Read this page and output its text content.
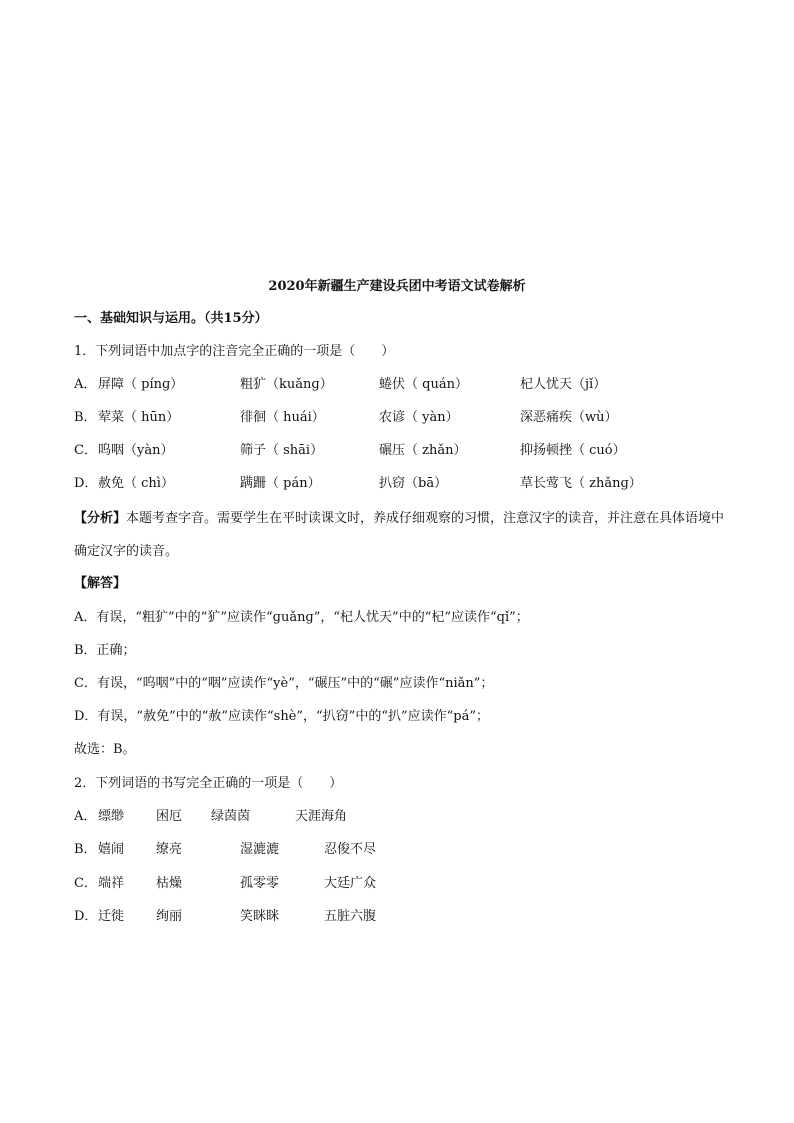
2020年新疆生产建设兵团中考语文试卷解析
一、基础知识与运用。（共15分）
1．下列词语中加点字的注音完全正确的一项是（　　）
A． 屏障（ pínɡ）	粗犷（kuǎnɡ）	蜷伏（ quán）	杞人忧天（jǐ）
B． 荤菜（ hūn）	徘徊（ huái）	农谚（ yàn）	深恶痛疾（wù）
C． 呜咽（yàn）	筛子（ shāi）	碾压（ zhǎn）	抑扬顿挫（ cuó）
D． 赦免（ chì）	蹒跚（ pán）	扒窃（bā）	草长莺飞（ zhǎnɡ）
【分析】本题考查字音。需要学生在平时读课文时，养成仔细观察的习惯，注意汉字的读音，并注意在具体语境中确定汉字的读音。
【解答】
A．有误，“粗犷”中的“犷”应读作“ɡuǎnɡ”，“杞人忧天”中的“杞”应读作“qǐ”；
B．正确；
C．有误，“呜咽”中的“咽”应读作“yè”，“碾压”中的“碾”应读作“niǎn”；
D．有误，“赦免”中的“赦”应读作“shè”，“扒窃”中的“扒”应读作“pá”；
故选：B。
2．下列词语的书写完全正确的一项是（　　）
A． 缥缈 困厄 绿茵茵	天涯海角
B． 嬉闹 缭亮	湿漉漉	忍俊不尽
C． 端祥 枯燥	孤零零	大廷广众
D． 迁徙 绚丽	笑眯眯	五脏六腹
